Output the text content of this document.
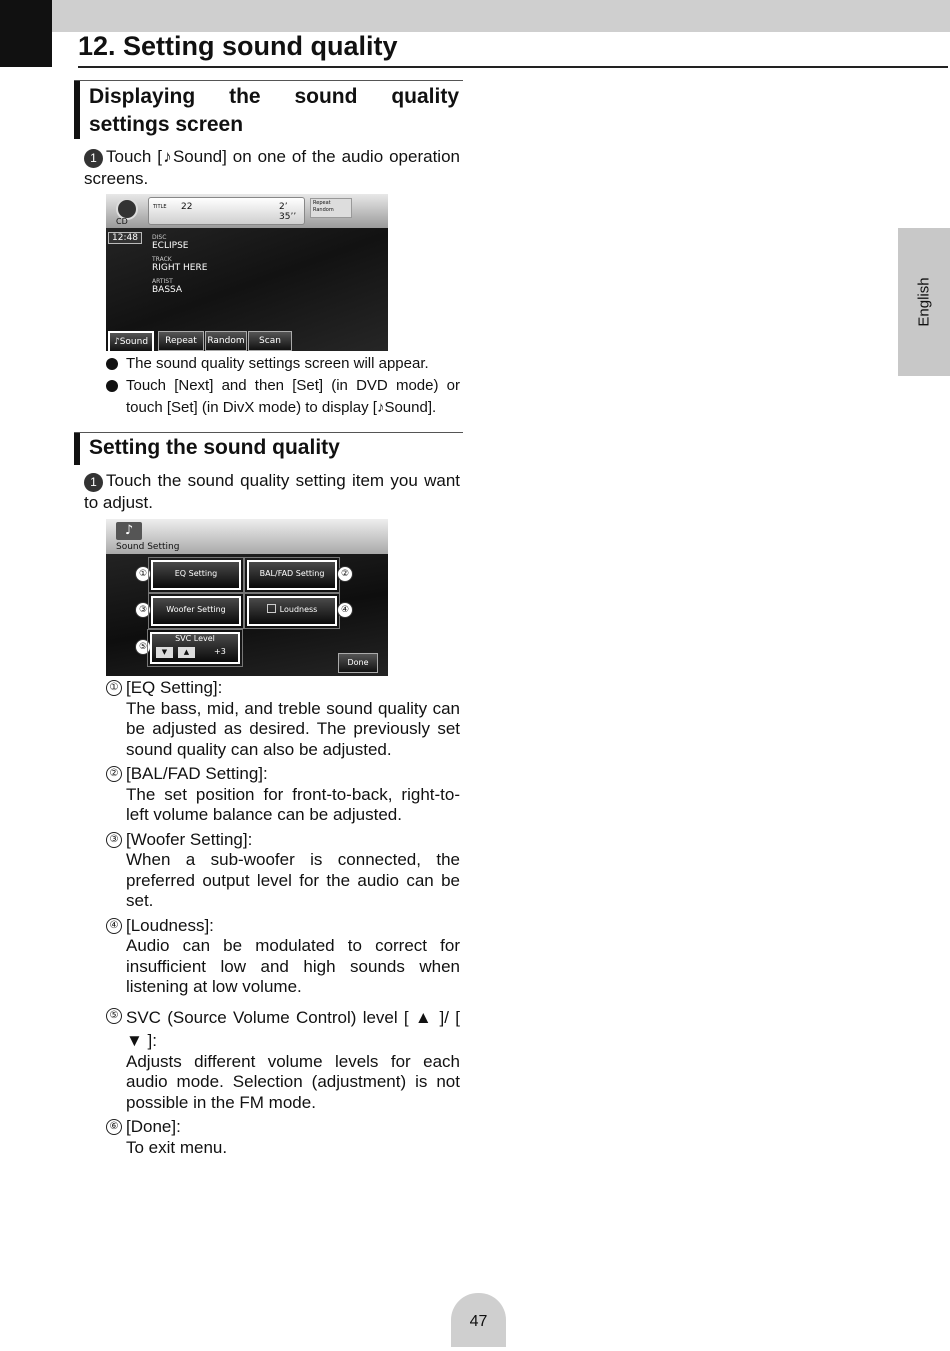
12. Setting sound quality
English
Displaying the sound quality settings screen

1 Touch [♪Sound] on one of the audio operation screens.

CD
12:48
TITLE 22	2’ 35’’
Repeat
Random
DISC
ECLIPSE
TRACK
RIGHT HERE
ARTIST
BASSA
♪Sound	Repeat	Random	Scan
The sound quality settings screen will appear.
Touch [Next] and then [Set] (in DVD mode) or touch [Set] (in DivX mode) to display [♪Sound].
Setting the sound quality

1 Touch the sound quality setting item you want to adjust.

♪
Sound Setting
①	EQ Setting	BAL/FAD Setting	②
③	Woofer Setting	Loudness	④
⑤
SVC Level
▼	▲	+3
Done
① [EQ Setting]:

The bass, mid, and treble sound quality can be adjusted as desired. The previously set sound quality can also be adjusted.

② [BAL/FAD Setting]:

The set position for front-to-back, right-to-left volume balance can be adjusted.

③ [Woofer Setting]:

When a sub-woofer is connected, the preferred output level for the audio can be set.

④ [Loudness]:

Audio can be modulated to correct for insufficient low and high sounds when listening at low volume.

⑤ SVC (Source Volume Control) level [ ▲ ]/ [ ▼ ]:

Adjusts different volume levels for each audio mode. Selection (adjustment) is not possible in the FM mode.

⑥ [Done]:

To exit menu.

47
